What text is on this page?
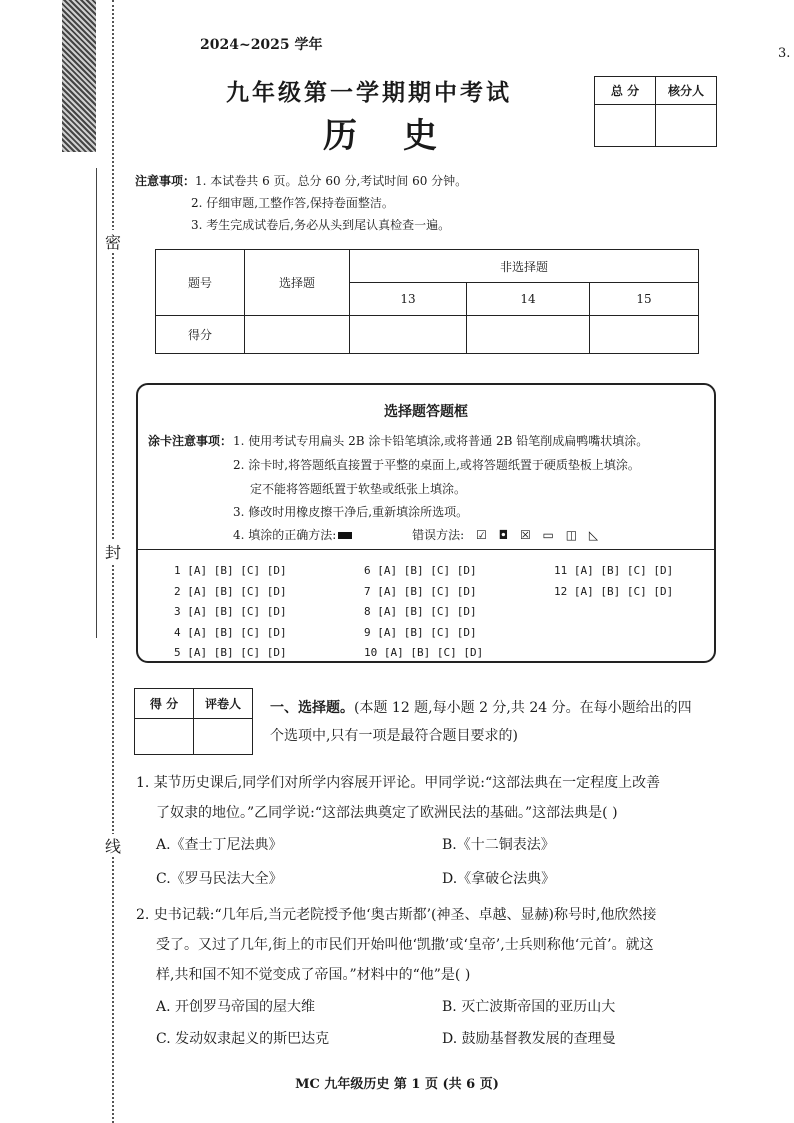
密
封
线
3.
2024~2025 学年
九年级第一学期期中考试
历史
总 分	核分人

注意事项：1. 本试卷共 6 页。总分 60 分,考试时间 60 分钟。
2. 仔细审题,工整作答,保持卷面整洁。
3. 考生完成试卷后,务必从头到尾认真检查一遍。
题号	选择题	非选择题		
		13	14	15
得分				
选择题答题框
涂卡注意事项： 1. 使用考试专用扁头 2B 涂卡铅笔填涂,或将普通 2B 铅笔削成扁鸭嘴状填涂。
2. 涂卡时,将答题纸直接置于平整的桌面上,或将答题纸置于硬质垫板上填涂。
定不能将答题纸置于软垫或纸张上填涂。
3. 修改时用橡皮擦干净后,重新填涂所选项。
4. 填涂的正确方法:	错误方法: ☑ ◘ ☒ ▭ ◫ ◺
1 [A] [B] [C] [D]
2 [A] [B] [C] [D]
3 [A] [B] [C] [D]
4 [A] [B] [C] [D]
5 [A] [B] [C] [D]
6 [A] [B] [C] [D]
7 [A] [B] [C] [D]
8 [A] [B] [C] [D]
9 [A] [B] [C] [D]
10 [A] [B] [C] [D]
11 [A] [B] [C] [D]
12 [A] [B] [C] [D]
得 分	评卷人
	一、选择题。(本题 12 题,每小题 2 分,共 24 分。在每小题给出的四
个选项中,只有一项是最符合题目要求的)
1. 某节历史课后,同学们对所学内容展开评论。甲同学说:“这部法典在一定程度上改善
了奴隶的地位。”乙同学说:“这部法典奠定了欧洲民法的基础。”这部法典是( )
A.《查士丁尼法典》	B.《十二铜表法》
C.《罗马民法大全》	D.《拿破仑法典》
2. 史书记载:“几年后,当元老院授予他‘奥古斯都’(神圣、卓越、显赫)称号时,他欣然接
受了。又过了几年,街上的市民们开始叫他‘凯撒’或‘皇帝’,士兵则称他‘元首’。就这
样,共和国不知不觉变成了帝国。”材料中的“他”是( )
A. 开创罗马帝国的屋大维	B. 灭亡波斯帝国的亚历山大
C. 发动奴隶起义的斯巴达克	D. 鼓励基督教发展的查理曼
MC 九年级历史 第 1 页 (共 6 页)
